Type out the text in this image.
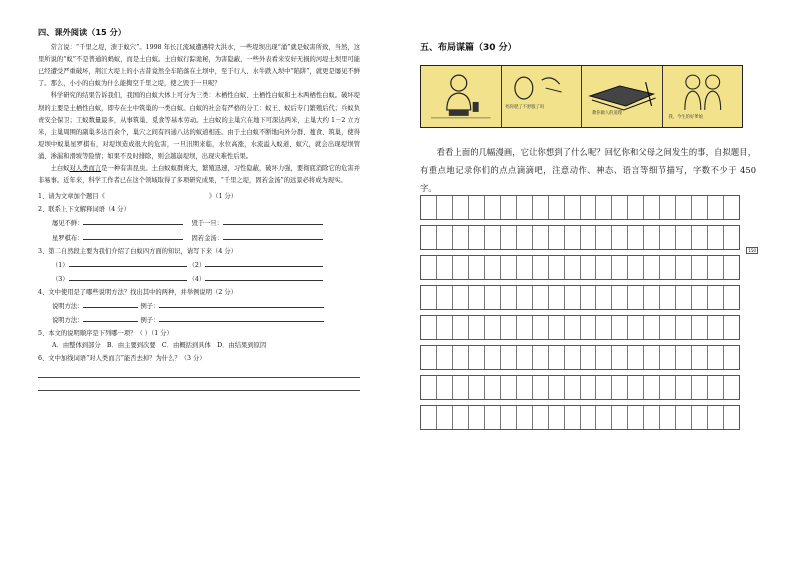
四、课外阅读（15 分）
常言说：“千里之堤，溃于蚁穴”。1998 年长江流域遭遇特大洪水，一些堤坝出现“涌”就是蚁害所致，当然，这里所说的“蚁”不是普通的蚂蚁，而是土白蚁。土白蚁行踪诡秘，为害隐蔽，一些外表看来安好无损的河堤土坝里可能已经遭受严重破坏，荆江大堤上的小古昔竟然全车陷落在土坝中，至于行人、水牛跌入坝中“陷阱”，就更是屡见不鲜了。那么，小小的白蚁为什么能掏空千里之堤，使之毁于一旦呢？
科学研究的结果告诉我们，我国的白蚁大体上可分为三类：木栖性白蚁、土栖性白蚁和土木两栖性白蚁。破坏堤坝的主要是土栖性白蚁，即专在土中筑巢的一类白蚁。白蚁的社会有严格的分工：蚁王、蚁后专门繁殖后代；兵蚁负责安全保卫；工蚁数量最多，从事筑巢、觅食等基本劳动。土白蚁的主巢穴在地下可深达两米，主巢大约 1－2 立方米，主巢周围的副巢多达百余个，巢穴之间有四通八达的蚁道相连。由于土白蚁不断地向外分群、蔓食、筑巢，使得堤坝中蚁巢星罗棋布，对堤坝造成很大的危害，一旦汛期来临，水位高涨，水流溢入蚁道、蚁穴，就会出现堤坝管涌、渗漏和滑坡等险情；如果不及时排除，则会越崩堤坝，出现灾难性后果。
土白蚁对人类而言是一种有害昆虫。土白蚁蚁群庞大，繁殖迅速，习性隐蔽，破坏力强，要彻底消除它的危害并非易事。近年来，科学工作者已在这个领域取得了多项研究成果，“千里之堤，固若金汤”的远景必将成为现实。
1、请为文章加个题目《	》（1 分）
2、联系上下文解释词语（4 分）
屡见不鲜：	毁于一旦：
星罗棋布：	固若金汤：
3、第二自然段主要为我们介绍了白蚁四方面的知识，请写下来（4 分）
（1）	（2）
（3）	（4）
4、文中使用是了哪些说明方法？找出其中的两种，并举例说明（2 分）
说明方法：	例子：
说明方法：	例子：
5、本文的说明顺序是下列哪一项？（ ）（1 分）
A．由整体到部分　B．由主要到次要　C．由概括到具体　D．由结果到原因
6、文中加线词语“对人类而言”能否去掉？为什么？（3 分）
五、布局谋篇（30 分）
妈你肥了不舒服了吗
教你做人的道理
我，今生的好爹娘
看看上面的几幅漫画，它让你想到了什么呢？回忆你和父母之间发生的事，自拟题目，有重点地记录你们的点点滴滴吧，注意动作、神态、语言等细节描写，字数不少于 450 字。
150
